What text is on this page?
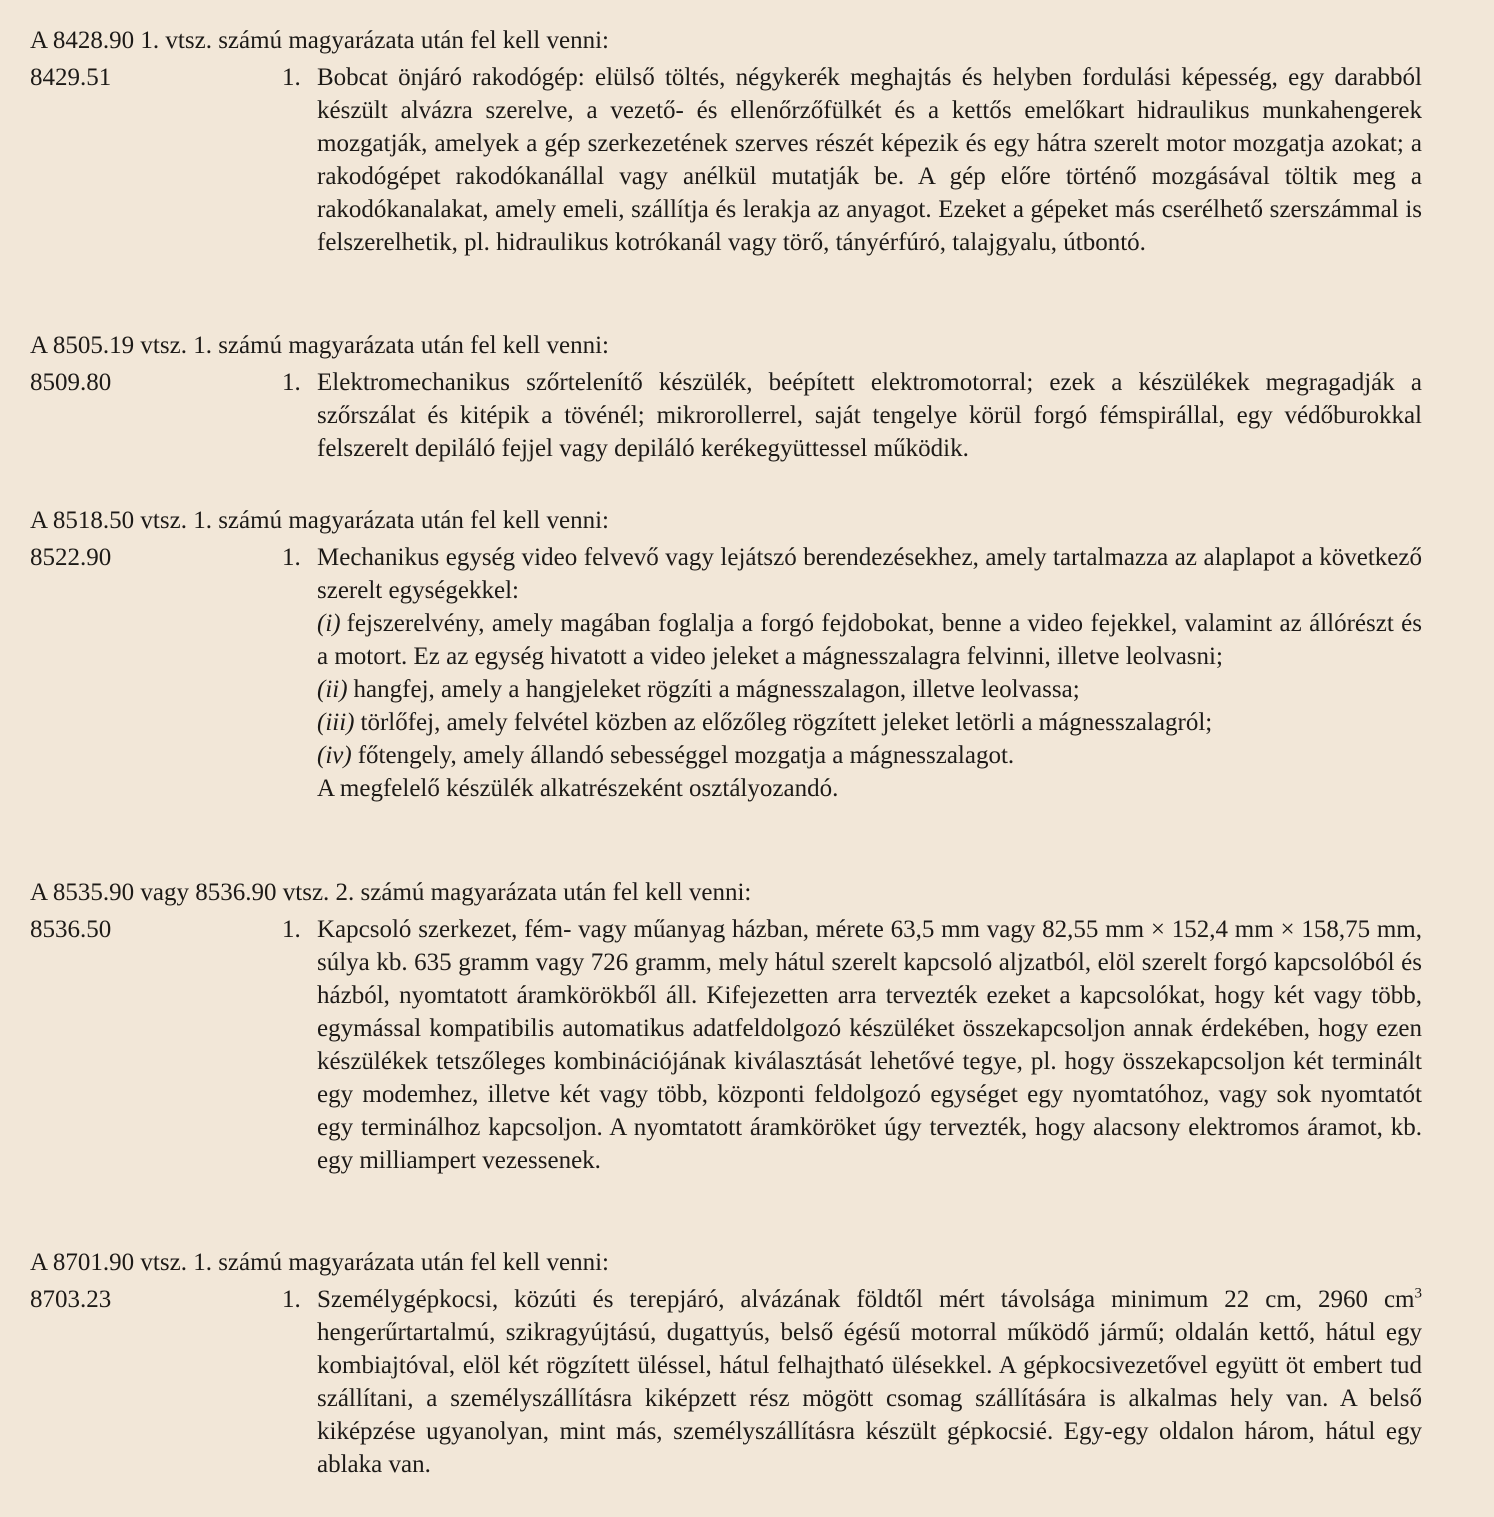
A 8428.90 1. vtsz. számú magyarázata után fel kell venni:
8429.51	1. Bobcat önjáró rakodógép: elülső töltés, négykerék meghajtás és helyben fordulási képesség, egy darabból készült alvázra szerelve, a vezető- és ellenőrzőfülkét és a kettős emelőkart hidraulikus munkahengerek mozgatják, amelyek a gép szerkezetének szerves részét képezik és egy hátra szerelt motor mozgatja azokat; a rakodógépet rakodókanállal vagy anélkül mutatják be. A gép előre történő mozgásával töltik meg a rakodókanalakat, amely emeli, szállítja és lerakja az anyagot. Ezeket a gépeket más cserélhető szerszámmal is felszerelhetik, pl. hidraulikus kotrókanál vagy törő, tányérfúró, talajgyalu, útbontó.

A 8505.19 vtsz. 1. számú magyarázata után fel kell venni:
8509.80	1. Elektromechanikus szőrtelenítő készülék, beépített elektromotorral; ezek a készülékek megragadják a szőrszálat és kitépik a tövénél; mikrorollerrel, saját tengelye körül forgó fémspirállal, egy védőburokkal felszerelt depiláló fejjel vagy depiláló kerékegyüttessel működik.

A 8518.50 vtsz. 1. számú magyarázata után fel kell venni:
8522.90	1. Mechanikus egység video felvevő vagy lejátszó berendezésekhez, amely tartalmazza az alaplapot a következő szerelt egységekkel:

(i) fejszerelvény, amely magában foglalja a forgó fejdobokat, benne a video fejekkel, valamint az állórészt és a motort. Ez az egység hivatott a video jeleket a mágnesszalagra felvinni, illetve leolvasni;
(ii) hangfej, amely a hangjeleket rögzíti a mágnesszalagon, illetve leolvassa;
(iii) törlőfej, amely felvétel közben az előzőleg rögzített jeleket letörli a mágnesszalagról;
(iv) főtengely, amely állandó sebességgel mozgatja a mágnesszalagot.

A megfelelő készülék alkatrészeként osztályozandó.

A 8535.90 vagy 8536.90 vtsz. 2. számú magyarázata után fel kell venni:
8536.50	1. Kapcsoló szerkezet, fém- vagy műanyag házban, mérete 63,5 mm vagy 82,55 mm × 152,4 mm × 158,75 mm, súlya kb. 635 gramm vagy 726 gramm, mely hátul szerelt kapcsoló aljzatból, elöl szerelt forgó kapcsolóból és házból, nyomtatott áramkörökből áll. Kifejezetten arra tervezték ezeket a kapcsolókat, hogy két vagy több, egymással kompatibilis automatikus adatfeldolgozó készüléket összekapcsoljon annak érdekében, hogy ezen készülékek tetszőleges kombinációjának kiválasztását lehetővé tegye, pl. hogy összekapcsoljon két terminált egy modemhez, illetve két vagy több, központi feldolgozó egységet egy nyomtatóhoz, vagy sok nyomtatót egy terminálhoz kapcsoljon. A nyomtatott áramköröket úgy tervezték, hogy alacsony elektromos áramot, kb. egy milliampert vezessenek.

A 8701.90 vtsz. 1. számú magyarázata után fel kell venni:
8703.23	1. Személygépkocsi, közúti és terepjáró, alvázának földtől mért távolsága minimum 22 cm, 2960 $cm^3$ hengerűrtartalmú, szikragyújtású, dugattyús, belső égésű motorral működő jármű; oldalán kettő, hátul egy kombiajtóval, elöl két rögzített üléssel, hátul felhajtható ülésekkel. A gépkocsivezetővel együtt öt embert tud szállítani, a személyszállításra kiképzett rész mögött csomag szállítására is alkalmas hely van. A belső kiképzése ugyanolyan, mint más, személyszállításra készült gépkocsié. Egy-egy oldalon három, hátul egy ablaka van.
